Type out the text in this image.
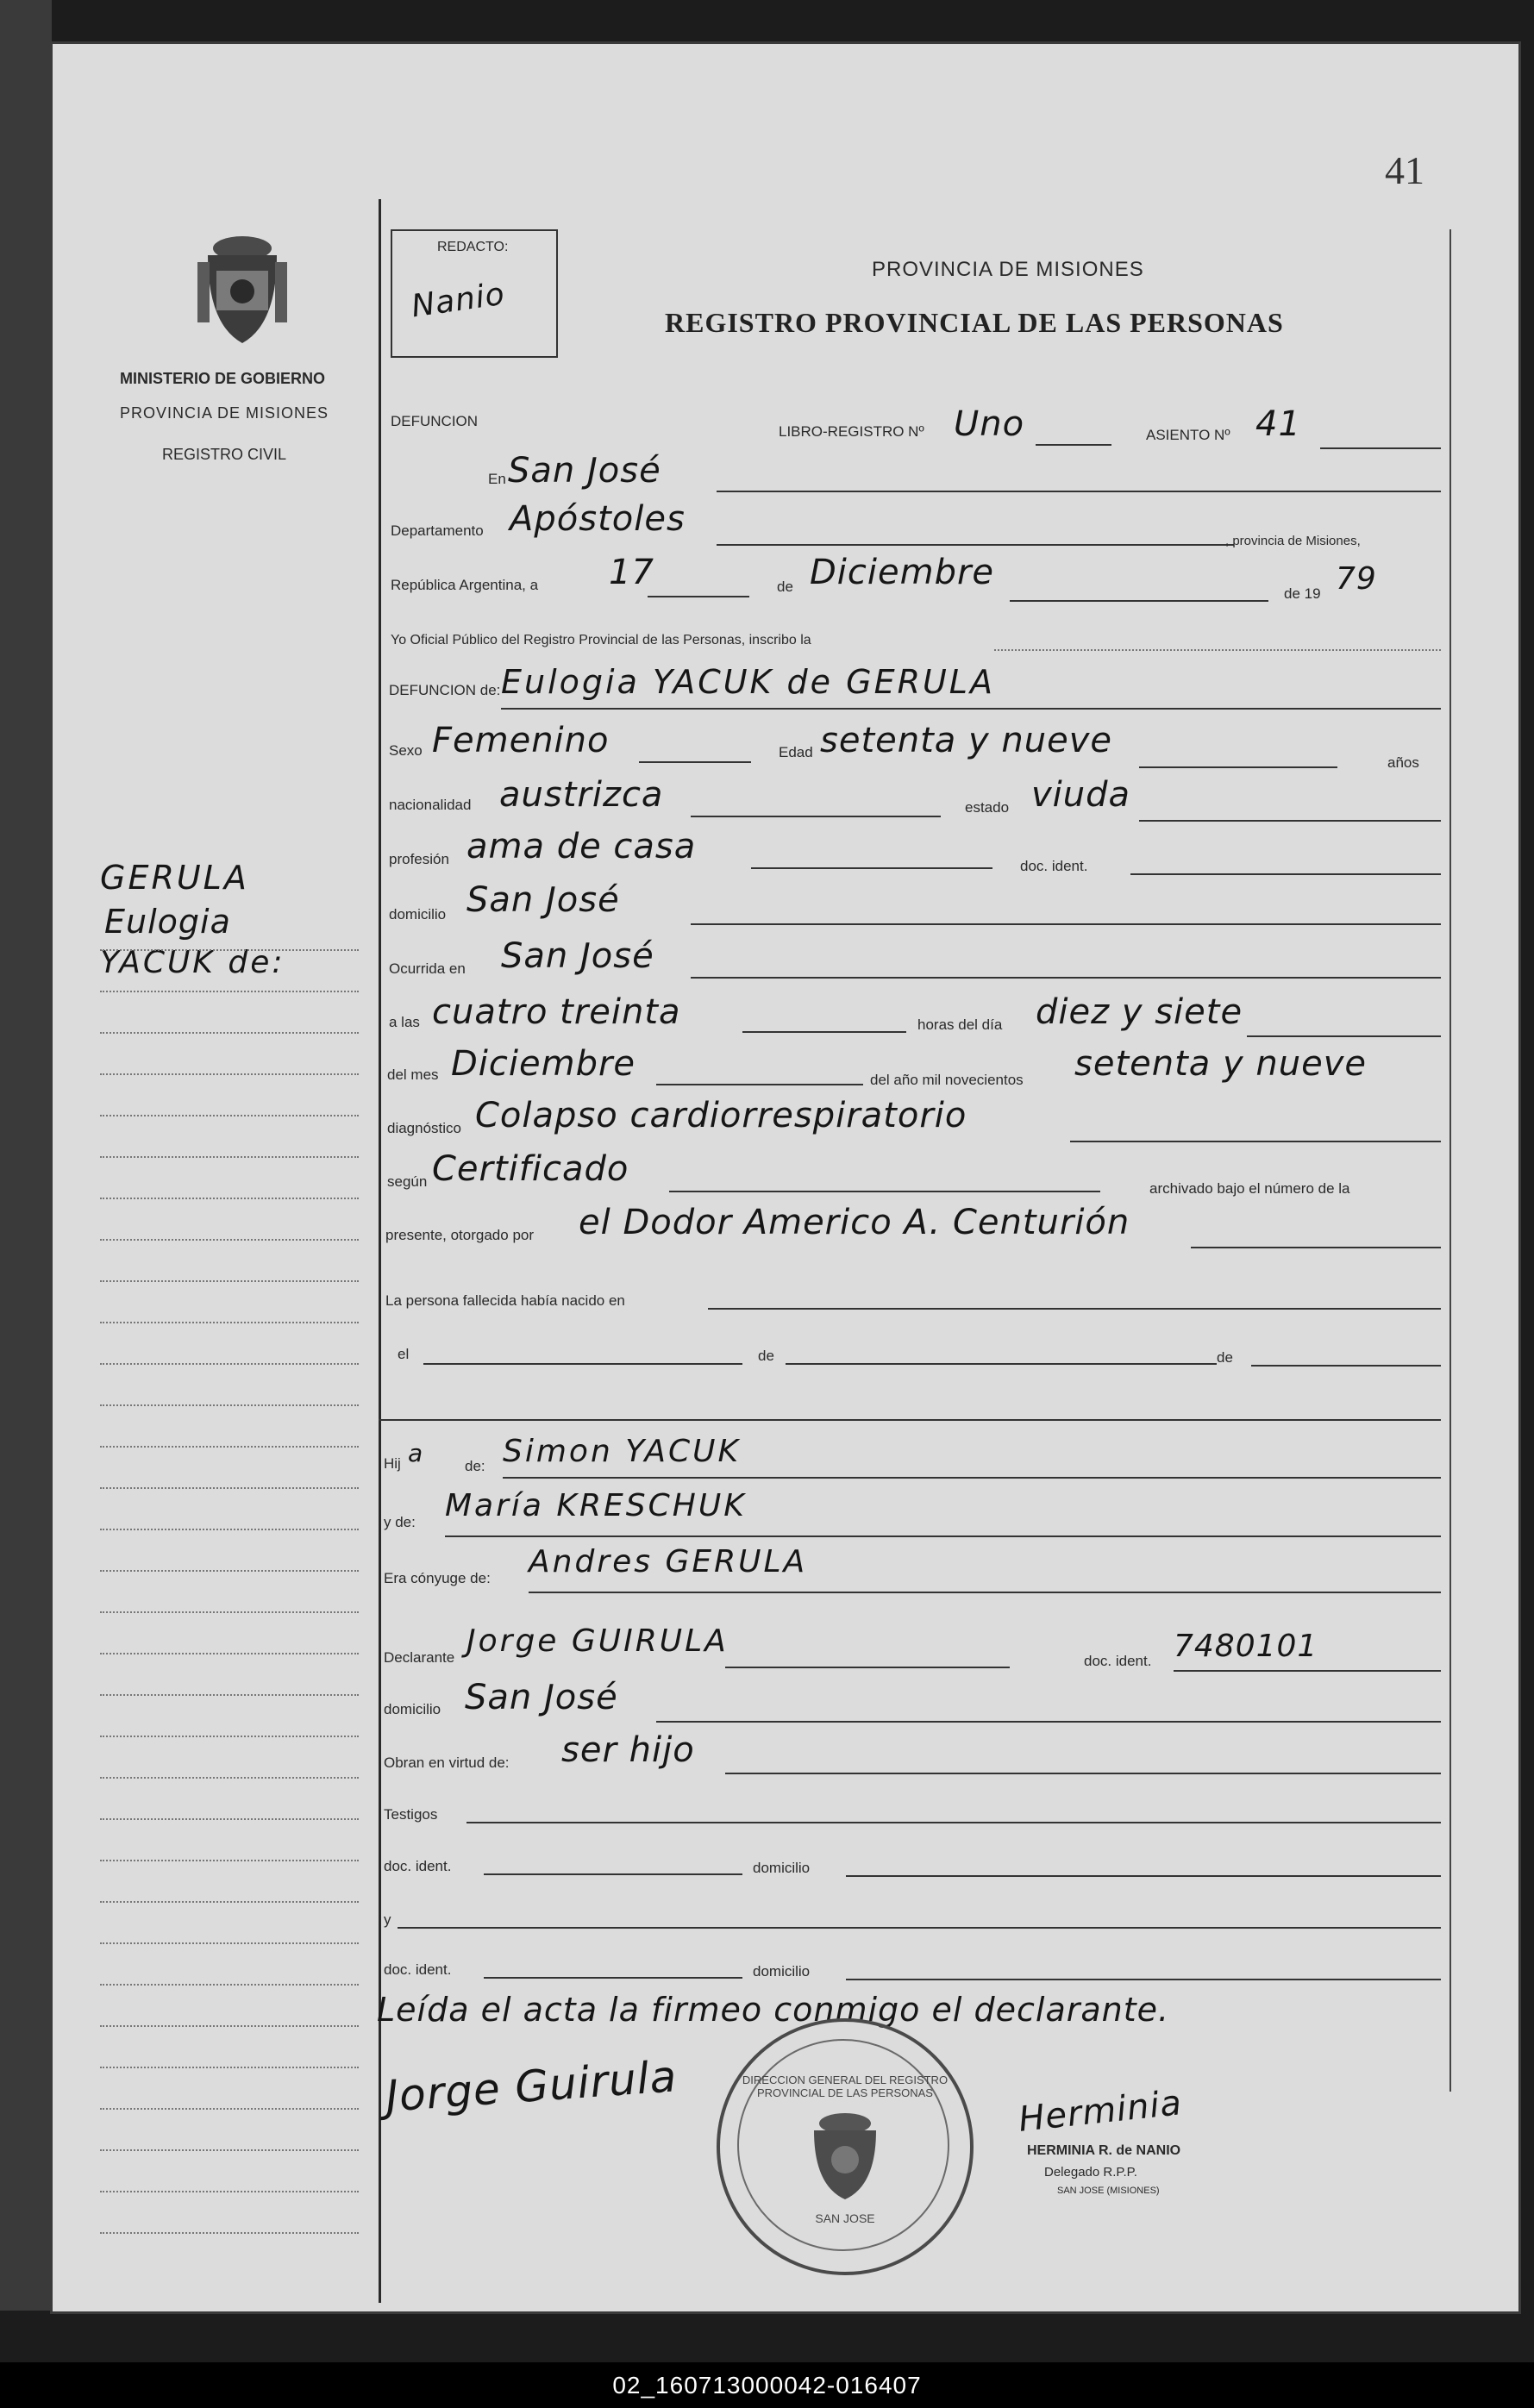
41
MINISTERIO DE GOBIERNO
PROVINCIA DE MISIONES
REGISTRO CIVIL
GERULA
Eulogia
YACUK de:
REDACTO:
Nanio
PROVINCIA DE MISIONES
REGISTRO PROVINCIAL DE LAS PERSONAS
DEFUNCION
LIBRO-REGISTRO Nº Uno	ASIENTO Nº 41
En San José
Departamento Apóstoles
, provincia de Misiones,
República Argentina, a 17	de Diciembre
de 19 79
Yo Oficial Público del Registro Provincial de las Personas, inscribo la
DEFUNCION de: Eulogia YACUK de GERULA
Sexo Femenino	Edad setenta y nueve
años
nacionalidad austrizca	estado viuda
profesión ama de casa	doc. ident.
domicilio San José
Ocurrida en San José
a las cuatro treinta	horas del día diez y siete
del mes Diciembre	del año mil novecientos setenta y nueve
diagnóstico Colapso cardiorrespiratorio
según Certificado	archivado bajo el número de la
presente, otorgado por el Dodor Americo A. Centurión
La persona fallecida había nacido en
el	de	de
Hij a	de: Simon YACUK
y de: María KRESCHUK
Era cónyuge de: Andres GERULA
Declarante Jorge GUIRULA
doc. ident. 7480101
domicilio San José
Obran en virtud de: ser hijo
Testigos
doc. ident.	domicilio
y
doc. ident.	domicilio
Leída el acta la firmeo conmigo el declarante.
Jorge Guirula	DIRECCION GENERAL DEL REGISTRO PROVINCIAL DE LAS PERSONAS
SAN JOSE
Herminia
HERMINIA R. de NANIO
Delegado R.P.P.
SAN JOSE (MISIONES)
02_160713000042-016407
